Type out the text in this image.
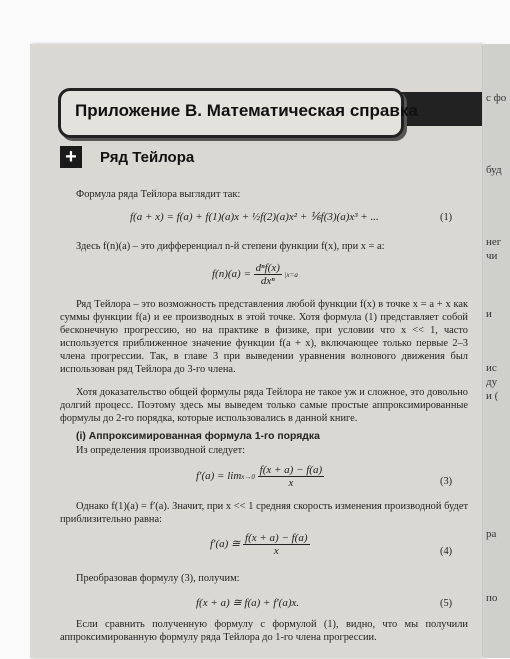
с фо
буд
нег
чи
и
ис
ду
и (
ра
по
Приложение В. Математическая справка
+	Ряд Тейлора
Формула ряда Тейлора выглядит так:
f(a + x) = f(a) + f(1)(a)x + ½f(2)(a)x² + ⅙f(3)(a)x³ + ...	(1)
Здесь f(n)(a) – это дифференциал n-й степени функции f(x), при x = a:
$f(n)(a) = \frac{\text{dⁿf(x)}}{\text{dxⁿ}} |x=a$

Ряд Тейлора – это возможность представления любой функции f(x) в точке x = a + x как суммы функции f(a) и ее производных в этой точке. Хотя формула (1) представляет собой бесконечную прогрессию, но на практике в физике, при условии что x << 1, часто используется приближенное значение функции f(a + x), включающее только первые 2–3 члена прогрессии. Так, в главе 3 при выведении уравнения волнового движения был использован ряд Тейлора до 3-го члена.

Хотя доказательство общей формулы ряда Тейлора не такое уж и сложное, это довольно долгий процесс. Поэтому здесь мы выведем только самые простые аппроксимированные формулы до 2-го порядка, которые использовались в данной книге.

(i) Аппроксимированная формула 1-го порядка
Из определения производной следует:
$f'(a) = \lim x\to 0 \frac{f(x + a) - f(a)}{x}$	(3)

Однако f(1)(a) = f′(a). Значит, при x << 1 средняя скорость изменения производной будет приблизительно равна:

f′(a) ≅ $\frac{f(x + a) - f(a)}{x}$	(4)
Преобразовав формулу (3), получим:
f(x + a) ≅ f(a) + f′(a)x.	(5)

Если сравнить полученную формулу с формулой (1), видно, что мы получили аппроксимированную формулу ряда Тейлора до 1-го члена прогрессии.
